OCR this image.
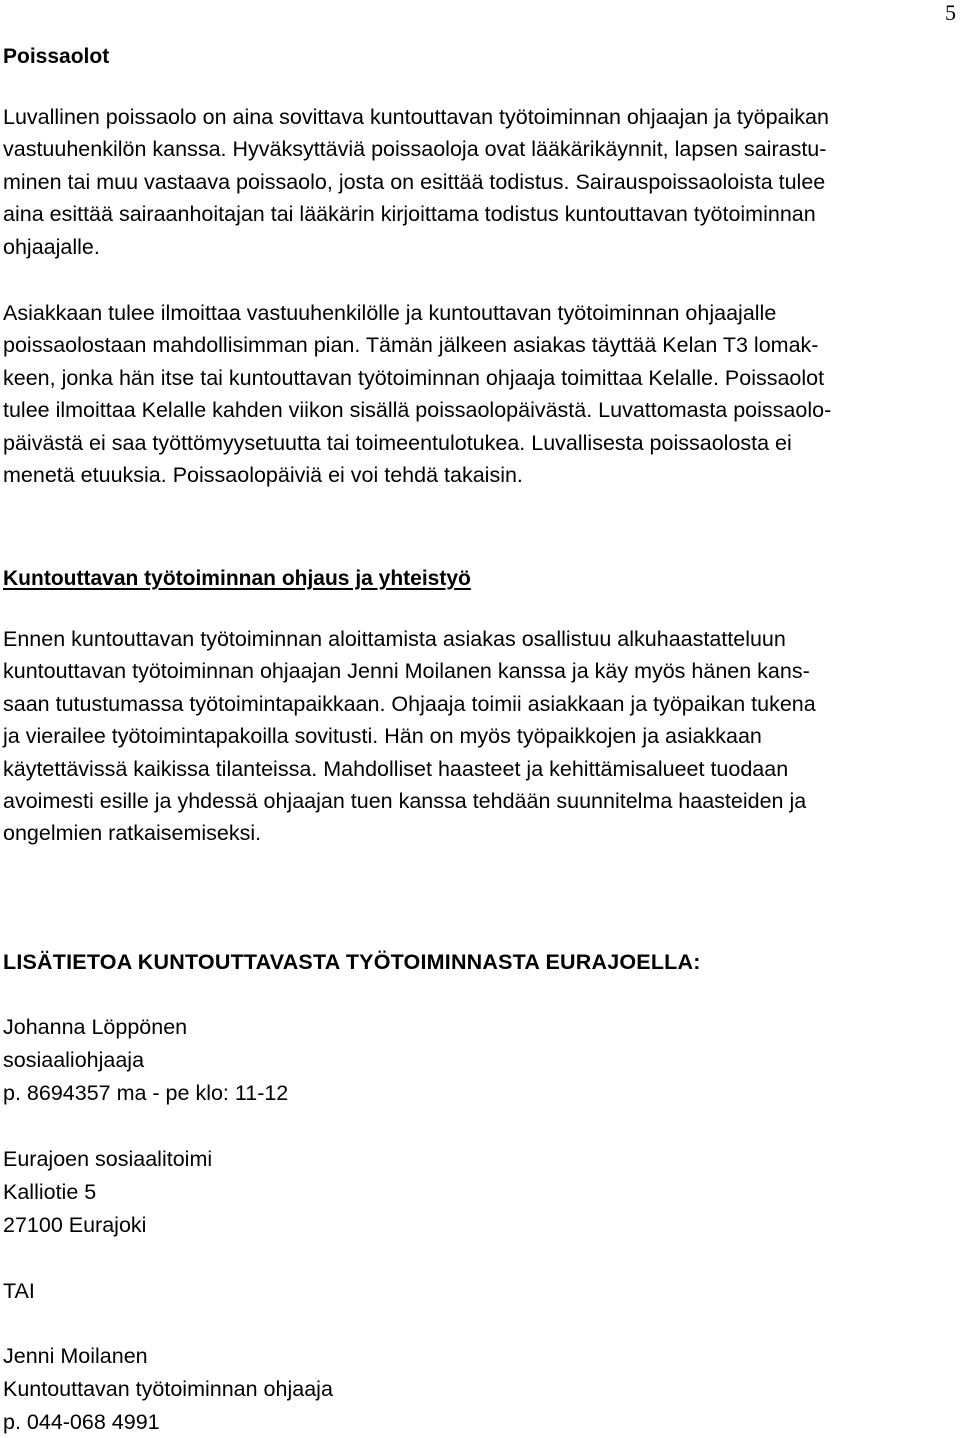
5
Poissaolot

Luvallinen poissaolo on aina sovittava kuntouttavan työtoiminnan ohjaajan ja työpaikan
vastuuhenkilön kanssa. Hyväksyttäviä poissaoloja ovat lääkärikäynnit, lapsen sairastu-
minen tai muu vastaava poissaolo, josta on esittää todistus. Sairauspoissaoloista tulee
aina esittää sairaanhoitajan tai lääkärin kirjoittama todistus kuntouttavan työtoiminnan
ohjaajalle.

Asiakkaan tulee ilmoittaa vastuuhenkilölle ja kuntouttavan työtoiminnan ohjaajalle
poissaolostaan mahdollisimman pian. Tämän jälkeen asiakas täyttää Kelan T3 lomak-
keen, jonka hän itse tai kuntouttavan työtoiminnan ohjaaja toimittaa Kelalle. Poissaolot
tulee ilmoittaa Kelalle kahden viikon sisällä poissaolopäivästä. Luvattomasta poissaolo-
päivästä ei saa työttömyysetuutta tai toimeentulotukea. Luvallisesta poissaolosta ei
menetä etuuksia. Poissaolopäiviä ei voi tehdä takaisin.

Kuntouttavan työtoiminnan ohjaus ja yhteistyö

Ennen kuntouttavan työtoiminnan aloittamista asiakas osallistuu alkuhaastatteluun
kuntouttavan työtoiminnan ohjaajan Jenni Moilanen kanssa ja käy myös hänen kans-
saan tutustumassa työtoimintapaikkaan. Ohjaaja toimii asiakkaan ja työpaikan tukena
ja vierailee työtoimintapakoilla sovitusti. Hän on myös työpaikkojen ja asiakkaan
käytettävissä kaikissa tilanteissa. Mahdolliset haasteet ja kehittämisalueet tuodaan
avoimesti esille ja yhdessä ohjaajan tuen kanssa tehdään suunnitelma haasteiden ja
ongelmien ratkaisemiseksi.

LISÄTIETOA KUNTOUTTAVASTA TYÖTOIMINNASTA EURAJOELLA:
Johanna Löppönen
sosiaaliohjaaja
p. 8694357 ma - pe klo: 11-12
Eurajoen sosiaalitoimi
Kalliotie 5
27100 Eurajoki
TAI
Jenni Moilanen
Kuntouttavan työtoiminnan ohjaaja
p. 044-068 4991
